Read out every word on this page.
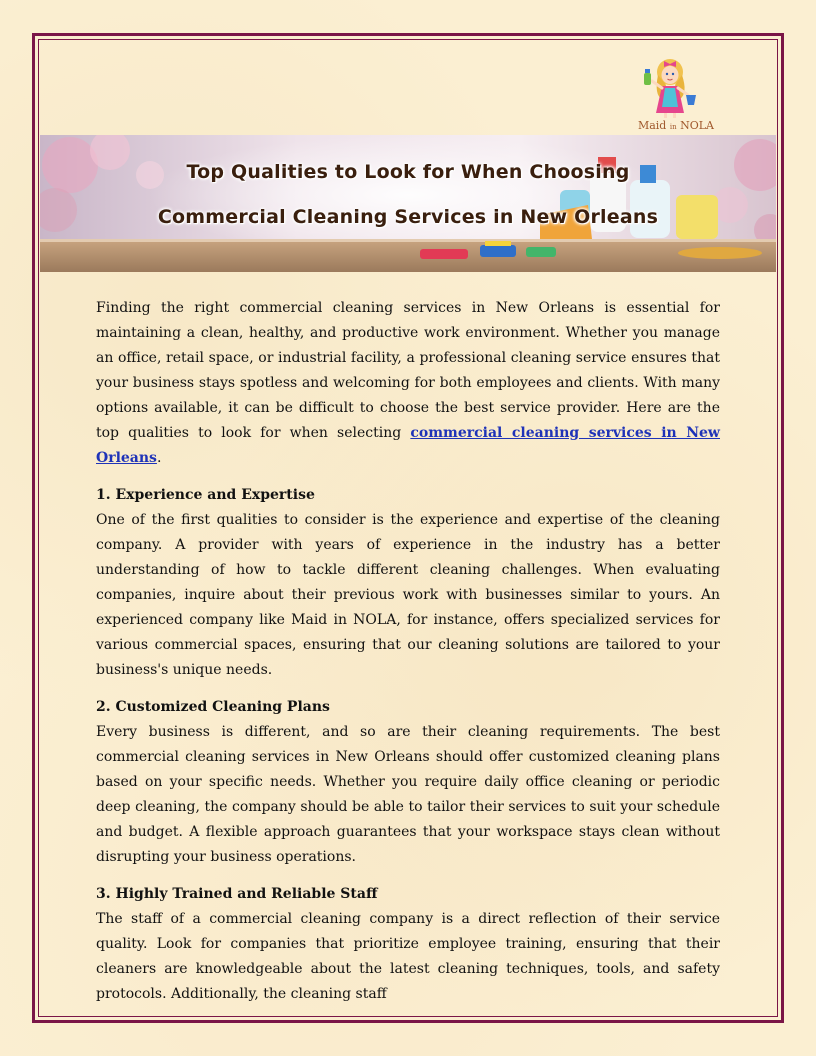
Maid in NOLA
Top Qualities to Look for When Choosing
Commercial Cleaning Services in New Orleans

Finding the right commercial cleaning services in New Orleans is essential for maintaining a clean, healthy, and productive work environment. Whether you manage an office, retail space, or industrial facility, a professional cleaning service ensures that your business stays spotless and welcoming for both employees and clients. With many options available, it can be difficult to choose the best service provider. Here are the top qualities to look for when selecting commercial cleaning services in New Orleans.

1. Experience and Expertise

One of the first qualities to consider is the experience and expertise of the cleaning company. A provider with years of experience in the industry has a better understanding of how to tackle different cleaning challenges. When evaluating companies, inquire about their previous work with businesses similar to yours. An experienced company like Maid in NOLA, for instance, offers specialized services for various commercial spaces, ensuring that our cleaning solutions are tailored to your business's unique needs.

2. Customized Cleaning Plans

Every business is different, and so are their cleaning requirements. The best commercial cleaning services in New Orleans should offer customized cleaning plans based on your specific needs. Whether you require daily office cleaning or periodic deep cleaning, the company should be able to tailor their services to suit your schedule and budget. A flexible approach guarantees that your workspace stays clean without disrupting your business operations.

3. Highly Trained and Reliable Staff

The staff of a commercial cleaning company is a direct reflection of their service quality. Look for companies that prioritize employee training, ensuring that their cleaners are knowledgeable about the latest cleaning techniques, tools, and safety protocols. Additionally, the cleaning staff
